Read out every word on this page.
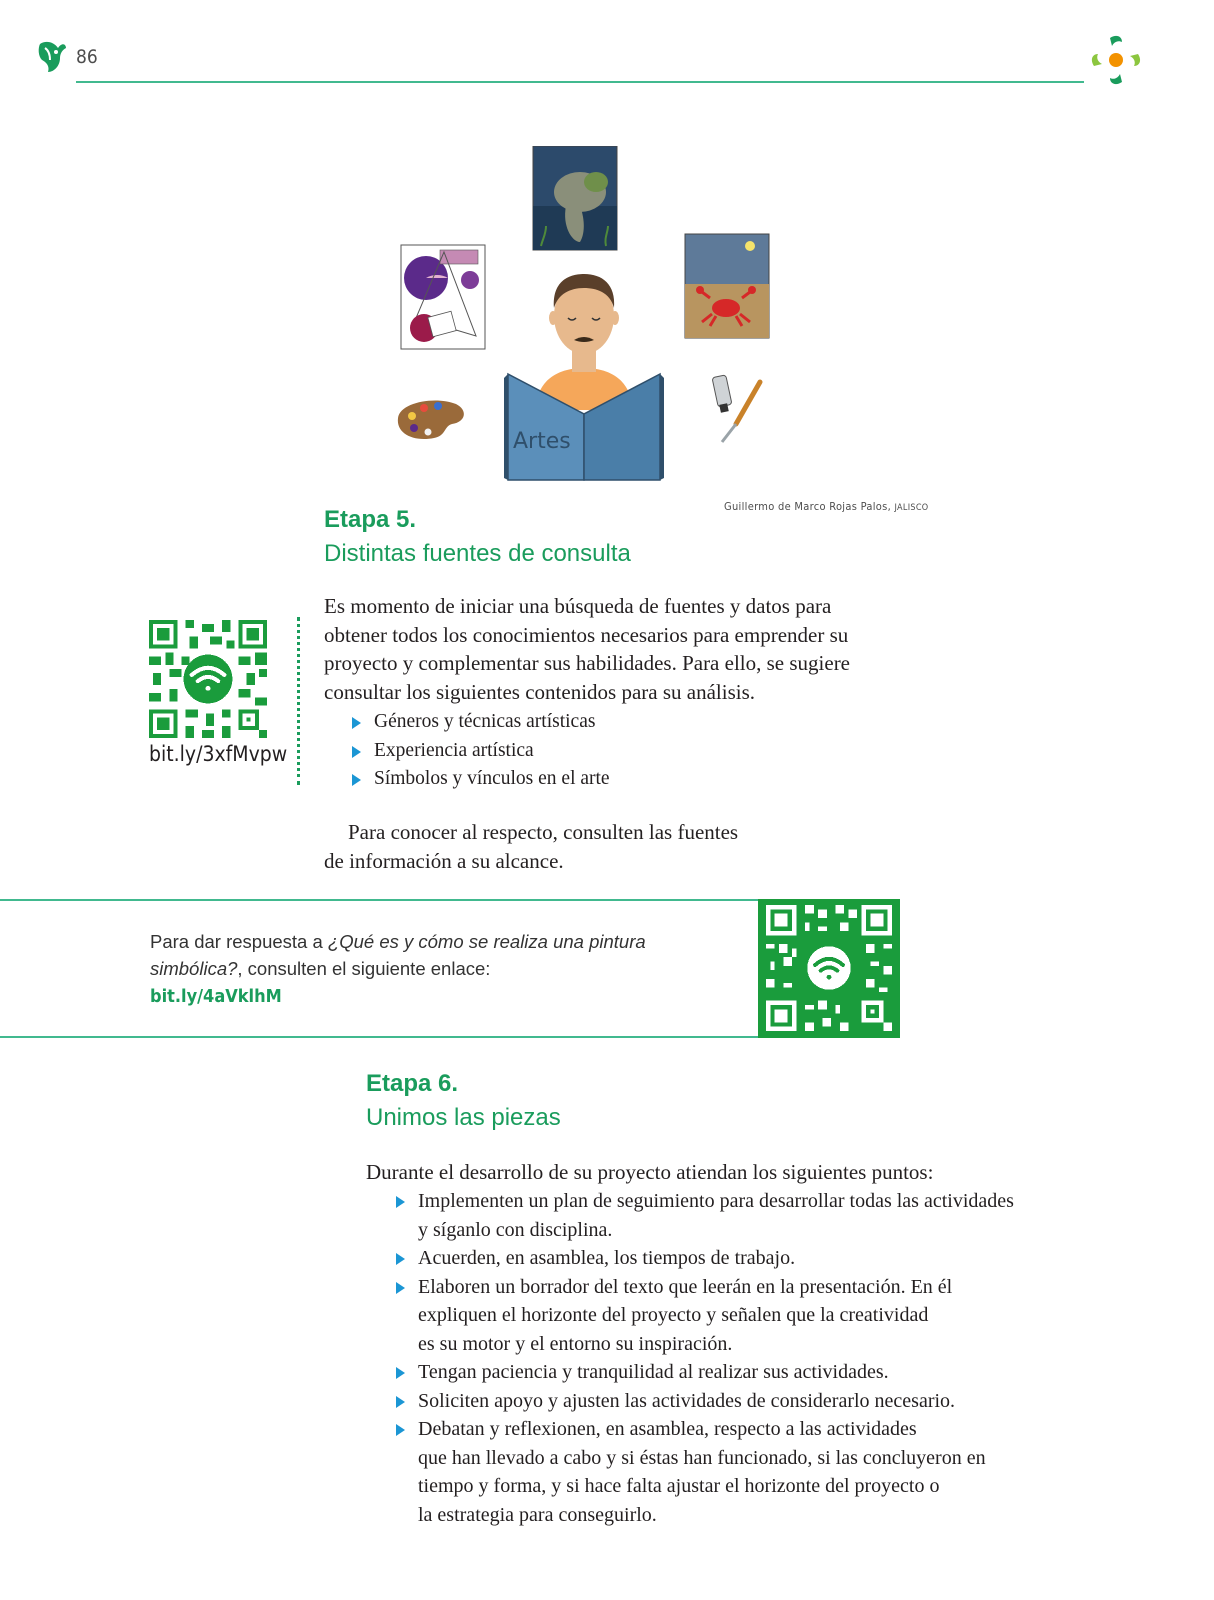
86
Artes
Guillermo de Marco Rojas Palos, JALISCO
Etapa 5.
Distintas fuentes de consulta
Es momento de iniciar una búsqueda de fuentes y datos para
obtener todos los conocimientos necesarios para emprender su
proyecto y complementar sus habilidades. Para ello, se sugiere
consultar los siguientes contenidos para su análisis.
Géneros y técnicas artísticas
Experiencia artística
Símbolos y vínculos en el arte
Para conocer al respecto, consulten las fuentes
de información a su alcance.
bit.ly/3xfMvpw
Para dar respuesta a ¿Qué es y cómo se realiza una pintura simbólica?, consulten el siguiente enlace:
bit.ly/4aVklhM
Etapa 6.
Unimos las piezas
Durante el desarrollo de su proyecto atiendan los siguientes puntos:
Implementen un plan de seguimiento para desarrollar todas las actividades
y síganlo con disciplina.
Acuerden, en asamblea, los tiempos de trabajo.
Elaboren un borrador del texto que leerán en la presentación. En él
expliquen el horizonte del proyecto y señalen que la creatividad
es su motor y el entorno su inspiración.
Tengan paciencia y tranquilidad al realizar sus actividades.
Soliciten apoyo y ajusten las actividades de considerarlo necesario.
Debatan y reflexionen, en asamblea, respecto a las actividades
que han llevado a cabo y si éstas han funcionado, si las concluyeron en
tiempo y forma, y si hace falta ajustar el horizonte del proyecto o
la estrategia para conseguirlo.
